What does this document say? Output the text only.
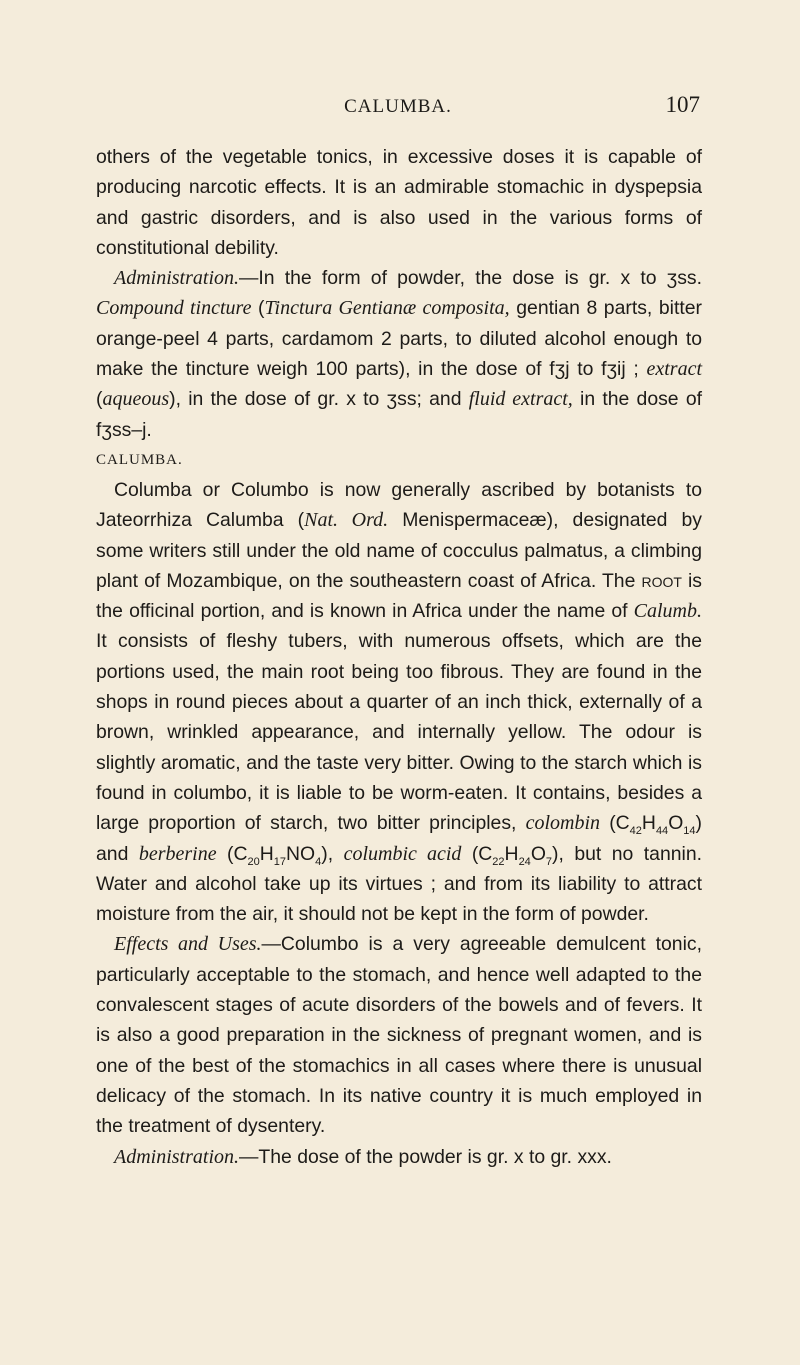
CALUMBA.	107

others of the vegetable tonics, in excessive doses it is capable of producing narcotic effects. It is an admirable stomachic in dyspepsia and gastric disorders, and is also used in the various forms of constitutional debility.

Administration.—In the form of powder, the dose is gr. x to ʒss. Compound tincture (Tinctura Gentianæ composita, gentian 8 parts, bitter orange-peel 4 parts, cardamom 2 parts, to diluted alcohol enough to make the tincture weigh 100 parts), in the dose of fʒj to fʒij ; extract (aqueous), in the dose of gr. x to ʒss; and fluid extract, in the dose of fʒss–j.

CALUMBA.

Columba or Columbo is now generally ascribed by botanists to Jateorrhiza Calumba (Nat. Ord. Menispermaceæ), designated by some writers still under the old name of cocculus palmatus, a climbing plant of Mozambique, on the southeastern coast of Africa. The root is the officinal portion, and is known in Africa under the name of Calumb. It consists of fleshy tubers, with numerous offsets, which are the portions used, the main root being too fibrous. They are found in the shops in round pieces about a quarter of an inch thick, externally of a brown, wrinkled appearance, and internally yellow. The odour is slightly aromatic, and the taste very bitter. Owing to the starch which is found in columbo, it is liable to be worm-eaten. It contains, besides a large proportion of starch, two bitter principles, colombin $(C_{42}H_{44}O_{14})$ and berberine $(C_{20}H_{17}NO_4)$, columbic acid $(C_{22}H_{24}O_7)$, but no tannin. Water and alcohol take up its virtues ; and from its liability to attract moisture from the air, it should not be kept in the form of powder.

Effects and Uses.—Columbo is a very agreeable demulcent tonic, particularly acceptable to the stomach, and hence well adapted to the convalescent stages of acute disorders of the bowels and of fevers. It is also a good preparation in the sickness of pregnant women, and is one of the best of the stomachics in all cases where there is unusual delicacy of the stomach. In its native country it is much employed in the treatment of dysentery.

Administration.—The dose of the powder is gr. x to gr. xxx.
